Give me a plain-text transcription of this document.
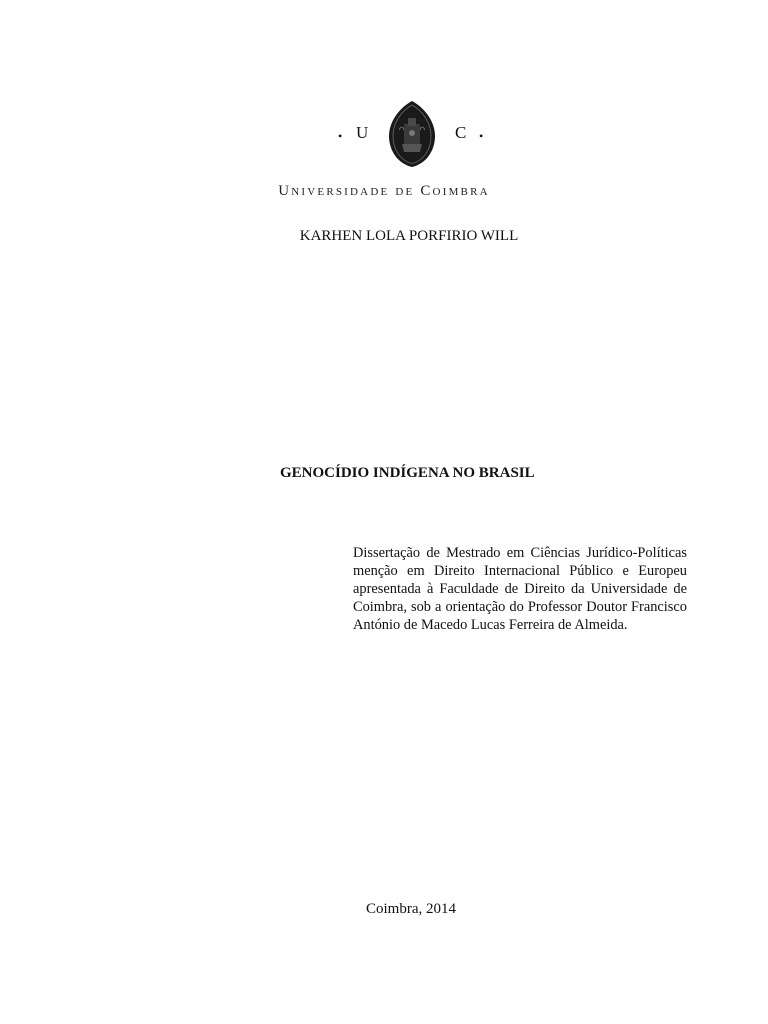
• U	C •
Universidade de Coimbra
KARHEN LOLA PORFIRIO WILL
GENOCÍDIO INDÍGENA NO BRASIL

Dissertação de Mestrado em Ciências Jurídico-Políticas menção em Direito Internacional Público e Europeu apresentada à Faculdade de Direito da Universidade de Coimbra, sob a orientação do Professor Doutor Francisco António de Macedo Lucas Ferreira de Almeida.

Coimbra, 2014
